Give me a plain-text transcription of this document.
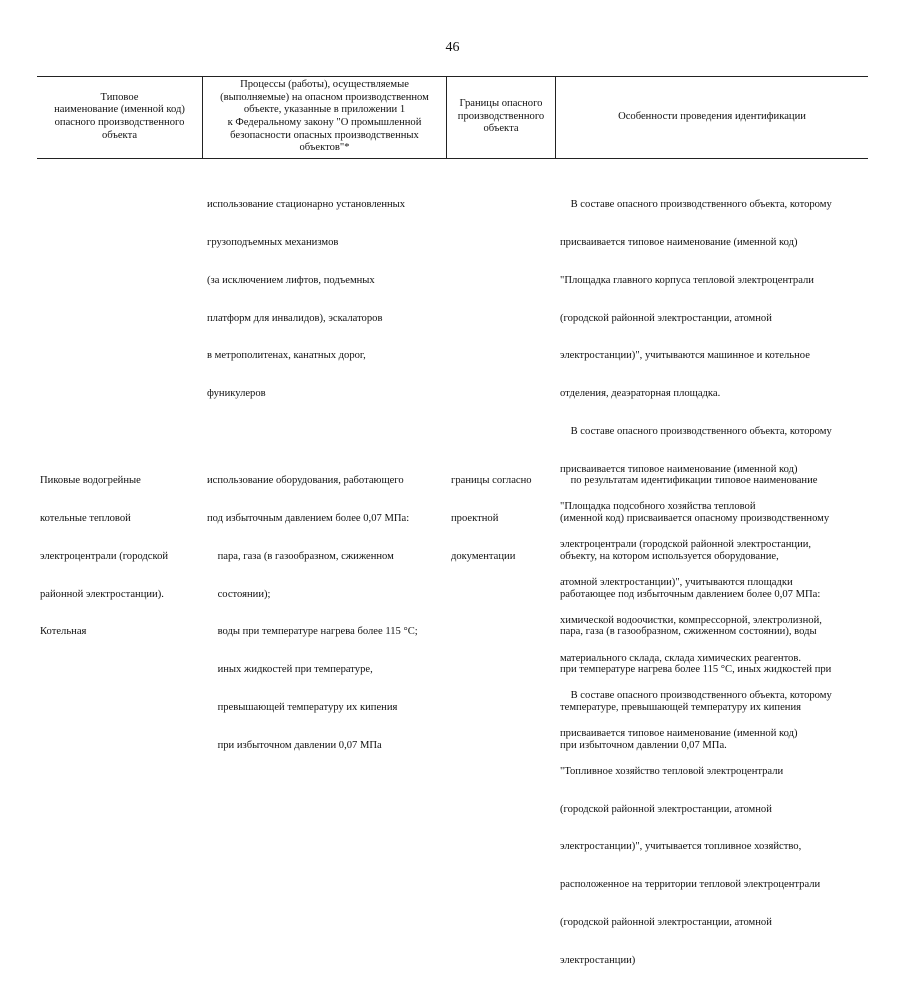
46
Типовое
наименование (именной код)
опасного производственного
объекта
Процессы (работы), осуществляемые
(выполняемые) на опасном производственном
объекте, указанные в приложении 1
к Федеральному закону "О промышленной
безопасности опасных производственных
объектов"*
Границы опасного
производственного
объекта
Особенности проведения идентификации

использование стационарно установленных

грузоподъемных механизмов

(за исключением лифтов, подъемных

платформ для инвалидов), эскалаторов

в метрополитенах, канатных дорог,

фуникулеров

В составе опасного производственного объекта, которому

присваивается типовое наименование (именной код)

"Площадка главного корпуса тепловой электроцентрали

(городской районной электростанции, атомной

электростанции)", учитываются машинное и котельное

отделения, деаэраторная площадка.

В составе опасного производственного объекта, которому

присваивается типовое наименование (именной код)

"Площадка подсобного хозяйства тепловой

электроцентрали (городской районной электростанции,

атомной электростанции)", учитываются площадки

химической водоочистки, компрессорной, электролизной,

материального склада, склада химических реагентов.

В составе опасного производственного объекта, которому

присваивается типовое наименование (именной код)

"Топливное хозяйство тепловой электроцентрали

(городской районной электростанции, атомной

электростанции)", учитывается топливное хозяйство,

расположенное на территории тепловой электроцентрали

(городской районной электростанции, атомной

электростанции)

Пиковые водогрейные

котельные тепловой

электроцентрали (городской

районной электростанции).

Котельная

использование оборудования, работающего

под избыточным давлением более 0,07 МПа:

пара, газа (в газообразном, сжиженном

состоянии);

воды при температуре нагрева более 115 °С;

иных жидкостей при температуре,

превышающей температуру их кипения

при избыточном давлении 0,07 МПа

границы согласно

проектной

документации

по результатам идентификации типовое наименование

(именной код) присваивается опасному производственному

объекту, на котором используется оборудование,

работающее под избыточным давлением более 0,07 МПа:

пара, газа (в газообразном, сжиженном состоянии), воды

при температуре нагрева более 115 °С, иных жидкостей при

температуре, превышающей температуру их кипения

при избыточном давлении 0,07 МПа.
